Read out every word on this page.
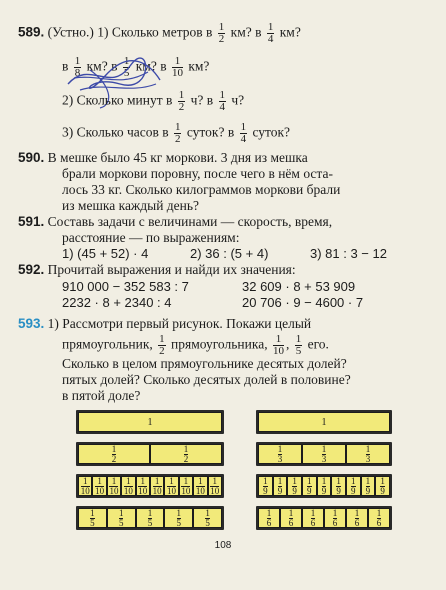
589. (Устно.) 1) Сколько метров в $\frac{1}{2}$ км? в $\frac{1}{4}$ км?
в $\frac{1}{8}$ км? в $\frac{1}{5}$ км? в $\frac{1}{10}$ км?
2) Сколько минут в $\frac{1}{2} ч$? в $\frac{1}{4} ч$?
3) Сколько часов в $\frac{1}{2}$ суток? в $\frac{1}{4}$ суток?
590. В мешке было 45 кг моркови. 3 дня из мешка
брали моркови поровну, после чего в нём оста-
лось 33 кг. Сколько килограммов моркови брали
из мешка каждый день?
591. Составь задачи с величинами — скорость, время,
расстояние — по выражениям:
1) (45 + 52) · 4	2) 36 : (5 + 4)	3) 81 : 3 − 12
592. Прочитай выражения и найди их значения:
910 000 − 352 583 : 7	32 609 · 8 + 53 909
2232 · 8 + 2340 : 4	20 706 · 9 − 4600 · 7
593. 1) Рассмотри первый рисунок. Покажи целый
прямоугольник, $\frac{1}{2}$ прямоугольника, $\frac{1}{10}$ , $\frac{1}{5}$ его.
Сколько в целом прямоугольнике десятых долей?
пятых долей? Сколько десятых долей в половине?
в пятой доле?
1
$\frac{1}{2}$	$\frac{1}{2}$
$\frac{1}{10} \frac{1}{10} \frac{1}{10} \frac{1}{10} \frac{1}{10} \frac{1}{10} \frac{1}{10} \frac{1}{10} \frac{1}{10} \frac{1}{10}$
$\frac{1}{5}$	$\frac{1}{5}$	$\frac{1}{5}$	$\frac{1}{5}$	$\frac{1}{5}$
1
$\frac{1}{3}$	$\frac{1}{3}$	$\frac{1}{3}$
$\frac{1}{9} \frac{1}{9} \frac{1}{9} \frac{1}{9} \frac{1}{9} \frac{1}{9} \frac{1}{9} \frac{1}{9} \frac{1}{9}$
$\frac{1}{6} \frac{1}{6} \frac{1}{6} \frac{1}{6} \frac{1}{6} \frac{1}{6}$
108
